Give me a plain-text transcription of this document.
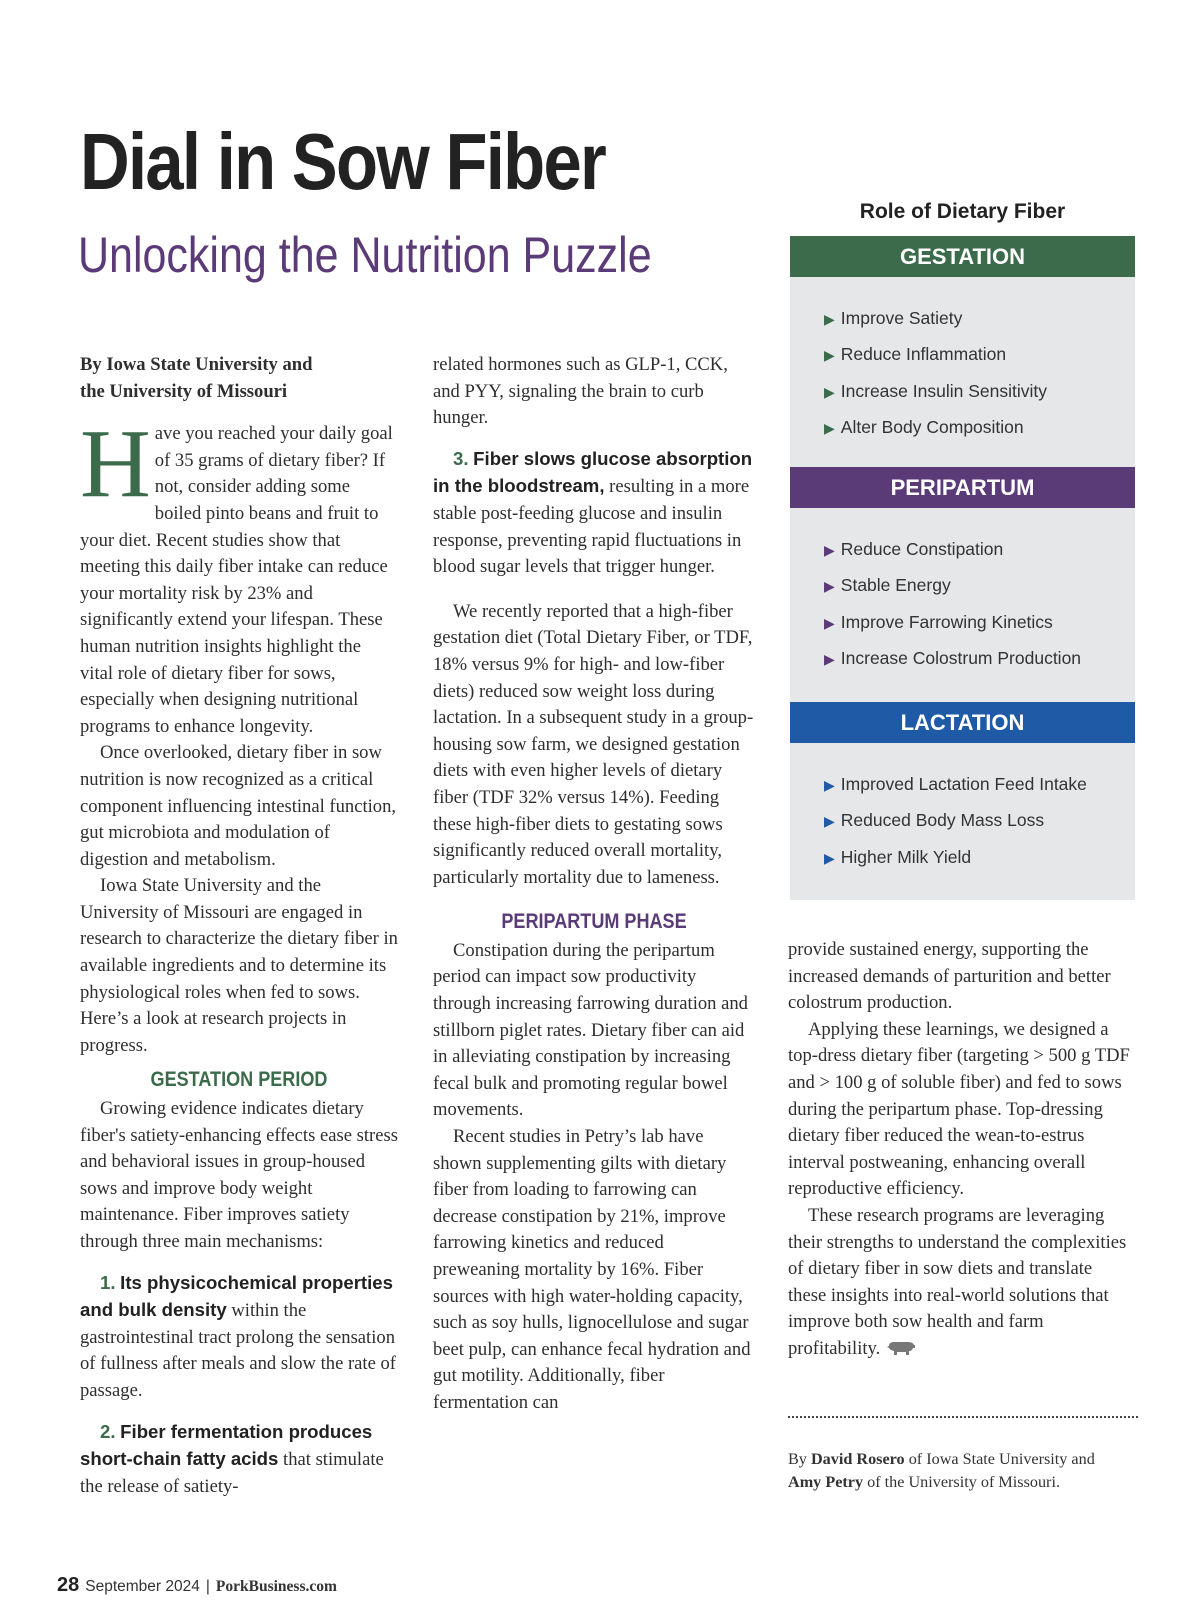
Dial in Sow Fiber
Unlocking the Nutrition Puzzle

By Iowa State University and
the University of Missouri

Have you reached your daily goal of 35 grams of dietary fiber? If not, consider adding some boiled pinto beans and fruit to your diet. Recent studies show that meeting this daily fiber intake can reduce your mortality risk by 23% and significantly extend your lifespan. These human nutrition insights highlight the vital role of dietary fiber for sows, especially when designing nutritional programs to enhance longevity.

Once overlooked, dietary fiber in sow nutrition is now recognized as a critical component influencing intestinal function, gut microbiota and modulation of digestion and metabolism.

Iowa State University and the University of Missouri are engaged in research to characterize the dietary fiber in available ingredients and to determine its physiological roles when fed to sows. Here’s a look at research projects in progress.

GESTATION PERIOD

Growing evidence indicates dietary fiber's satiety-enhancing effects ease stress and behavioral issues in group-housed sows and improve body weight maintenance. Fiber improves satiety through three main mechanisms:

1. Its physicochemical properties and bulk density within the gastrointestinal tract prolong the sensation of fullness after meals and slow the rate of passage.

2. Fiber fermentation produces short-chain fatty acids that stimulate the release of satiety-

related hormones such as GLP-1, CCK, and PYY, signaling the brain to curb hunger.

3. Fiber slows glucose absorption in the bloodstream, resulting in a more stable post-feeding glucose and insulin response, preventing rapid fluctuations in blood sugar levels that trigger hunger.

We recently reported that a high-fiber gestation diet (Total Dietary Fiber, or TDF, 18% versus 9% for high- and low-fiber diets) reduced sow weight loss during lactation. In a subsequent study in a group-housing sow farm, we designed gestation diets with even higher levels of dietary fiber (TDF 32% versus 14%). Feeding these high-fiber diets to gestating sows significantly reduced overall mortality, particularly mortality due to lameness.

PERIPARTUM PHASE

Constipation during the peripartum period can impact sow productivity through increasing farrowing duration and stillborn piglet rates. Dietary fiber can aid in alleviating constipation by increasing fecal bulk and promoting regular bowel movements.

Recent studies in Petry’s lab have shown supplementing gilts with dietary fiber from loading to farrowing can decrease constipation by 21%, improve farrowing kinetics and reduced preweaning mortality by 16%. Fiber sources with high water-holding capacity, such as soy hulls, lignocellulose and sugar beet pulp, can enhance fecal hydration and gut motility. Additionally, fiber fermentation can

Role of Dietary Fiber
GESTATION
▶ Improve Satiety
▶ Reduce Inflammation
▶ Increase Insulin Sensitivity
▶ Alter Body Composition
PERIPARTUM
▶ Reduce Constipation
▶ Stable Energy
▶ Improve Farrowing Kinetics
▶ Increase Colostrum Production
LACTATION
▶ Improved Lactation Feed Intake
▶ Reduced Body Mass Loss
▶ Higher Milk Yield

provide sustained energy, supporting the increased demands of parturition and better colostrum production.

Applying these learnings, we designed a top-dress dietary fiber (targeting > 500 g TDF and > 100 g of soluble fiber) and fed to sows during the peripartum phase. Top-dressing dietary fiber reduced the wean-to-estrus interval postweaning, enhancing overall reproductive efficiency.

These research programs are leveraging their strengths to understand the complexities of dietary fiber in sow diets and translate these insights into real-world solutions that improve both sow health and farm profitability.

By David Rosero of Iowa State University and
Amy Petry of the University of Missouri.
28 September 2024 | PorkBusiness.com
